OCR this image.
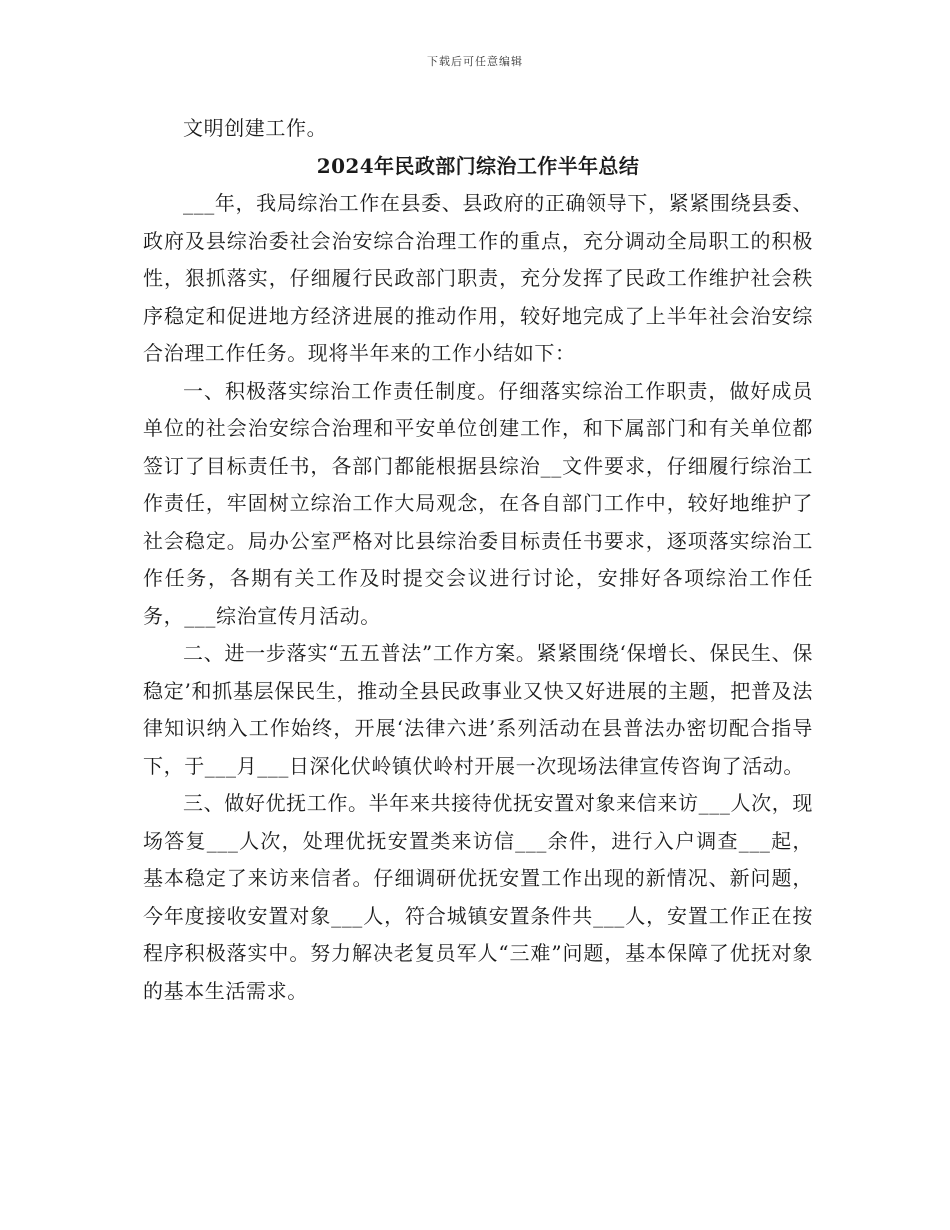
下载后可任意编辑

文明创建工作。

2024年民政部门综治工作半年总结

___年，我局综治工作在县委、县政府的正确领导下，紧紧围绕县委、政府及县综治委社会治安综合治理工作的重点，充分调动全局职工的积极性，狠抓落实，仔细履行民政部门职责，充分发挥了民政工作维护社会秩序稳定和促进地方经济进展的推动作用，较好地完成了上半年社会治安综合治理工作任务。现将半年来的工作小结如下：

一、积极落实综治工作责任制度。仔细落实综治工作职责，做好成员单位的社会治安综合治理和平安单位创建工作，和下属部门和有关单位都签订了目标责任书，各部门都能根据县综治__文件要求，仔细履行综治工作责任，牢固树立综治工作大局观念，在各自部门工作中，较好地维护了社会稳定。局办公室严格对比县综治委目标责任书要求，逐项落实综治工作任务，各期有关工作及时提交会议进行讨论，安排好各项综治工作任务，___综治宣传月活动。

二、进一步落实“五五普法”工作方案。紧紧围绕‘保增长、保民生、保稳定’和抓基层保民生，推动全县民政事业又快又好进展的主题，把普及法律知识纳入工作始终，开展‘法律六进’系列活动在县普法办密切配合指导下，于___月___日深化伏岭镇伏岭村开展一次现场法律宣传咨询了活动。

三、做好优抚工作。半年来共接待优抚安置对象来信来访___人次，现场答复___人次，处理优抚安置类来访信___余件，进行入户调查___起，基本稳定了来访来信者。仔细调研优抚安置工作出现的新情况、新问题，今年度接收安置对象___人，符合城镇安置条件共___人，安置工作正在按程序积极落实中。努力解决老复员军人“三难”问题，基本保障了优抚对象的基本生活需求。
